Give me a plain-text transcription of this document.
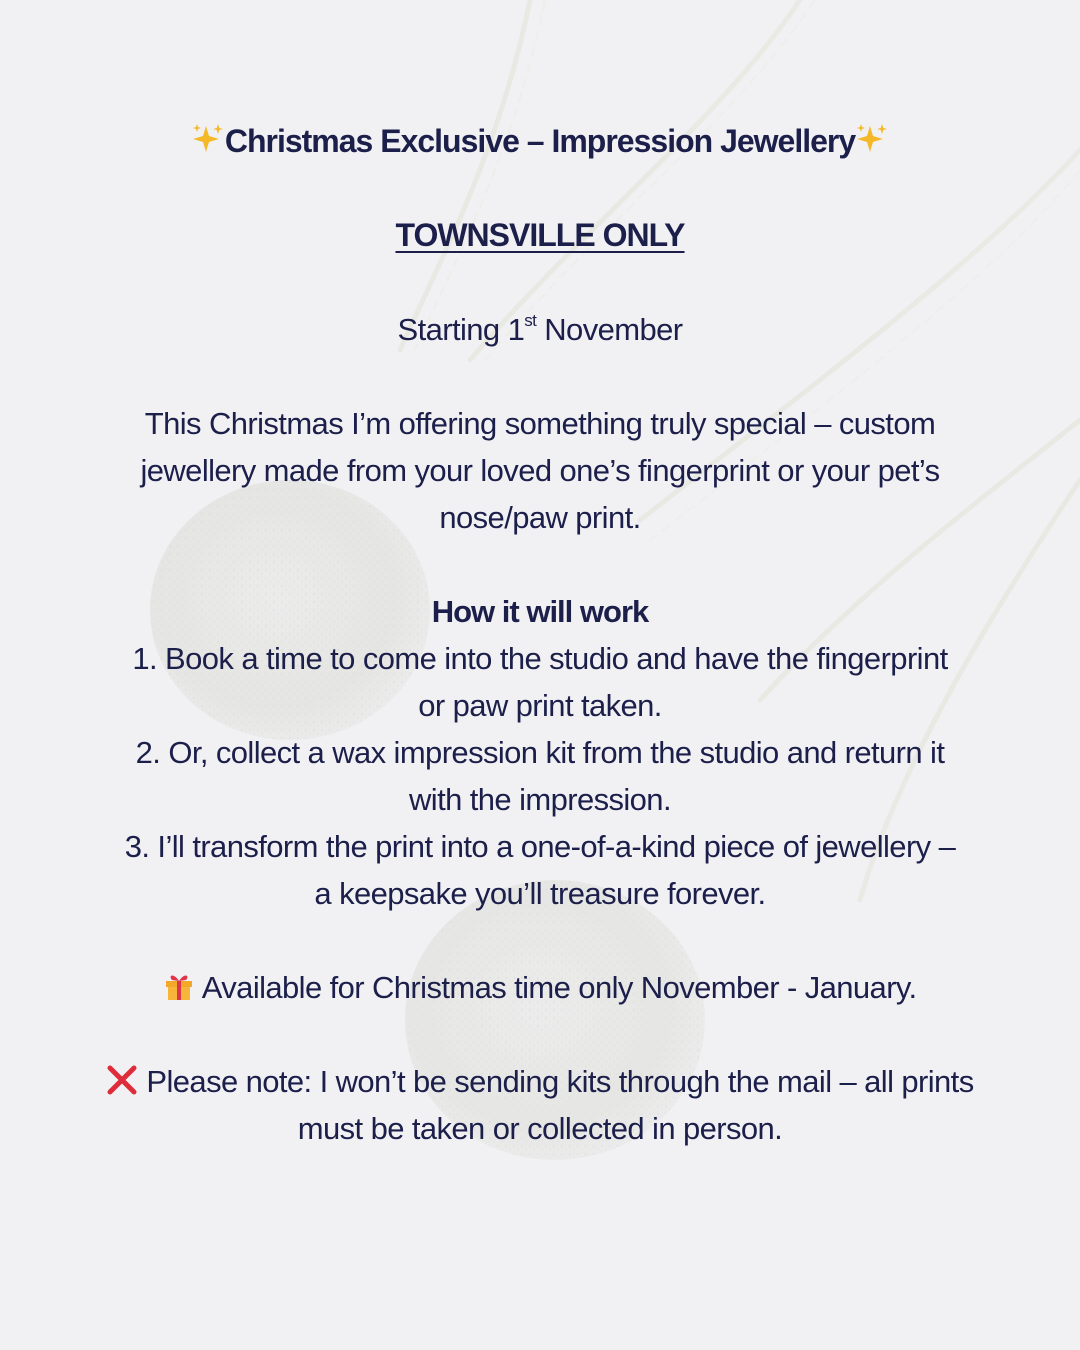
Christmas Exclusive – Impression Jewellery
TOWNSVILLE ONLY
Starting 1st November
This Christmas I’m offering something truly special – custom
jewellery made from your loved one’s fingerprint or your pet’s
nose/paw print.
How it will work
1. Book a time to come into the studio and have the fingerprint
or paw print taken.
2. Or, collect a wax impression kit from the studio and return it
with the impression.
3. I’ll transform the print into a one-of-a-kind piece of jewellery –
a keepsake you’ll treasure forever.
Available for Christmas time only November - January.
Please note: I won’t be sending kits through the mail – all prints
must be taken or collected in person.
